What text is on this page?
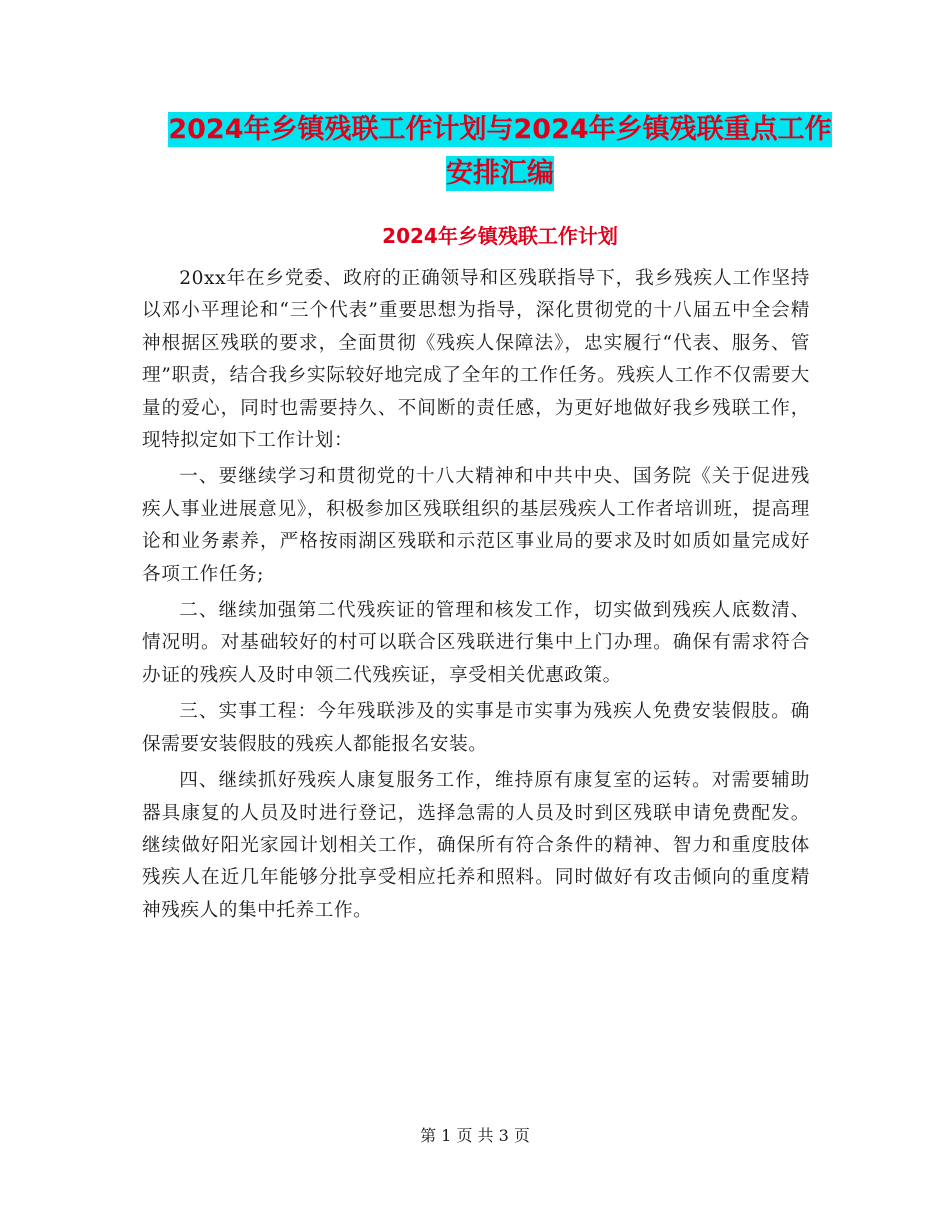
2024年乡镇残联工作计划与2024年乡镇残联重点工作
安排汇编
2024年乡镇残联工作计划

20xx年在乡党委、政府的正确领导和区残联指导下，我乡残疾人工作坚持以邓小平理论和“三个代表”重要思想为指导，深化贯彻党的十八届五中全会精神根据区残联的要求，全面贯彻《残疾人保障法》，忠实履行“代表、服务、管理”职责，结合我乡实际较好地完成了全年的工作任务。残疾人工作不仅需要大量的爱心，同时也需要持久、不间断的责任感，为更好地做好我乡残联工作，现特拟定如下工作计划：

一、要继续学习和贯彻党的十八大精神和中共中央、国务院《关于促进残疾人事业进展意见》，积极参加区残联组织的基层残疾人工作者培训班，提高理论和业务素养，严格按雨湖区残联和示范区事业局的要求及时如质如量完成好各项工作任务;

二、继续加强第二代残疾证的管理和核发工作，切实做到残疾人底数清、情况明。对基础较好的村可以联合区残联进行集中上门办理。确保有需求符合办证的残疾人及时申领二代残疾证，享受相关优惠政策。

三、实事工程：今年残联涉及的实事是市实事为残疾人免费安装假肢。确保需要安装假肢的残疾人都能报名安装。

四、继续抓好残疾人康复服务工作，维持原有康复室的运转。对需要辅助器具康复的人员及时进行登记，选择急需的人员及时到区残联申请免费配发。继续做好阳光家园计划相关工作，确保所有符合条件的精神、智力和重度肢体残疾人在近几年能够分批享受相应托养和照料。同时做好有攻击倾向的重度精神残疾人的集中托养工作。

第 1 页 共 3 页
